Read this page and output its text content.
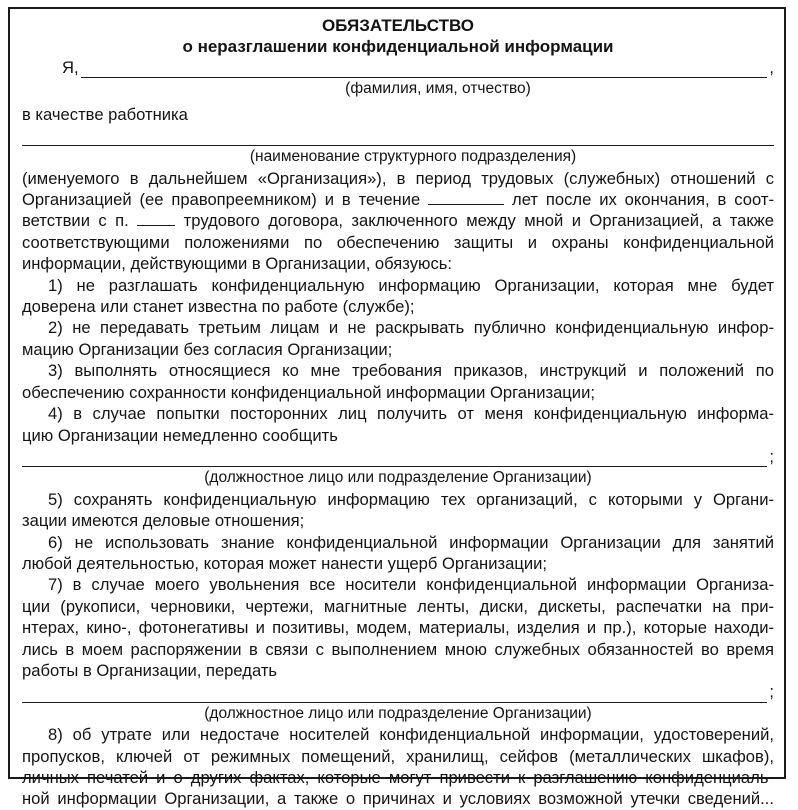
ОБЯЗАТЕЛЬСТВО
о неразглашении конфиденциальной информации
Я,	,
(фамилия, имя, отчество)
в качестве работника
(наименование структурного подразделения)
(именуемого в дальнейшем «Организация»), в период трудовых (служебных) отношений с
Организацией (ее правопреемником) и в течение	лет после их окончания, в соот-
ветствии с п.	трудового договора, заключенного между мной и Организацией, а также
соответствующими положениями по обеспечению защиты и охраны конфиденциальной
информации, действующими в Организации, обязуюсь:
1) не разглашать конфиденциальную информацию Организации, которая мне будет
доверена или станет известна по работе (службе);
2) не передавать третьим лицам и не раскрывать публично конфиденциальную инфор-
мацию Организации без согласия Организации;
3) выполнять относящиеся ко мне требования приказов, инструкций и положений по
обеспечению сохранности конфиденциальной информации Организации;
4) в случае попытки посторонних лиц получить от меня конфиденциальную информа-
цию Организации немедленно сообщить
;
(должностное лицо или подразделение Организации)
5) сохранять конфиденциальную информацию тех организаций, с которыми у Органи-
зации имеются деловые отношения;
6) не использовать знание конфиденциальной информации Организации для занятий
любой деятельностью, которая может нанести ущерб Организации;
7) в случае моего увольнения все носители конфиденциальной информации Организа-
ции (рукописи, черновики, чертежи, магнитные ленты, диски, дискеты, распечатки на при-
нтерах, кино-, фотонегативы и позитивы, модем, материалы, изделия и пр.), которые находи-
лись в моем распоряжении в связи с выполнением мною служебных обязанностей во время
работы в Организации, передать
;
(должностное лицо или подразделение Организации)
8) об утрате или недостаче носителей конфиденциальной информации, удостоверений,
пропусков, ключей от режимных помещений, хранилищ, сейфов (металлических шкафов),
личных печатей и о других фактах, которые могут привести к разглашению конфиденциаль-
ной информации Организации, а также о причинах и условиях возможной утечки сведений...
